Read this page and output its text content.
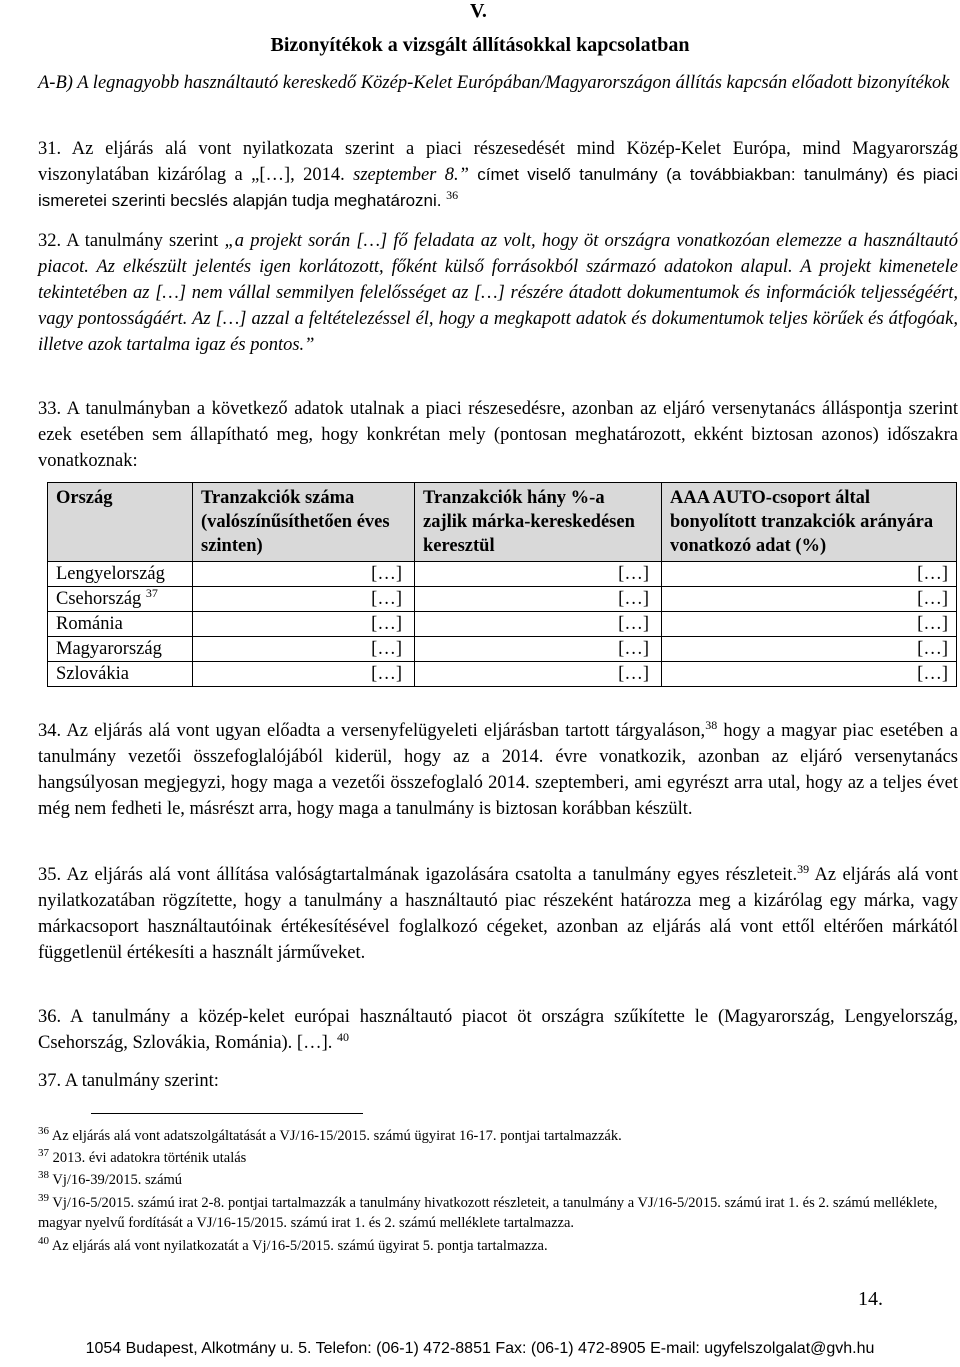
V.
Bizonyítékok a vizsgált állításokkal kapcsolatban
A-B) A legnagyobb használtautó kereskedő Közép-Kelet Európában/Magyarországon állítás kapcsán előadott bizonyítékok
31. Az eljárás alá vont nyilatkozata szerint a piaci részesedését mind Közép-Kelet Európa, mind Magyarország viszonylatában kizárólag a „[…], 2014. szeptember 8.” címet viselő tanulmány (a továbbiakban: tanulmány) és piaci ismeretei szerinti becslés alapján tudja meghatározni. $^{36}$
32. A tanulmány szerint „a projekt során […] fő feladata az volt, hogy öt országra vonatkozóan elemezze a használtautó piacot. Az elkészült jelentés igen korlátozott, főként külső forrásokból származó adatokon alapul. A projekt kimenetele tekintetében az […] nem vállal semmilyen felelősséget az […] részére átadott dokumentumok és információk teljességéért, vagy pontosságáért. Az […] azzal a feltételezéssel él, hogy a megkapott adatok és dokumentumok teljes körűek és átfogóak, illetve azok tartalma igaz és pontos.”
33. A tanulmányban a következő adatok utalnak a piaci részesedésre, azonban az eljáró versenytanács álláspontja szerint ezek esetében sem állapítható meg, hogy konkrétan mely (pontosan meghatározott, ekként biztosan azonos) időszakra vonatkoznak:
Ország	Tranzakciók száma (valószínűsíthetően éves szinten)	Tranzakciók hány %-a zajlik márka-kereskedésen keresztül	AAA AUTO-csoport által bonyolított tranzakciók arányára vonatkozó adat (%)
Lengyelország	[…]	[…]	[…]
Csehország $^{37}$	[…]	[…]	[…]
Románia	[…]	[…]	[…]
Magyarország	[…]	[…]	[…]
Szlovákia	[…]	[…]	[…]
34. Az eljárás alá vont ugyan előadta a versenyfelügyeleti eljárásban tartott tárgyaláson,$^{38}$ hogy a magyar piac esetében a tanulmány vezetői összefoglalójából kiderül, hogy az a 2014. évre vonatkozik, azonban az eljáró versenytanács hangsúlyosan megjegyzi, hogy maga a vezetői összefoglaló 2014. szeptemberi, ami egyrészt arra utal, hogy az a teljes évet még nem fedheti le, másrészt arra, hogy maga a tanulmány is biztosan korábban készült.
35. Az eljárás alá vont állítása valóságtartalmának igazolására csatolta a tanulmány egyes részleteit.$^{39}$ Az eljárás alá vont nyilatkozatában rögzítette, hogy a tanulmány a használtautó piac részeként határozza meg a kizárólag egy márka, vagy márkacsoport használtautóinak értékesítésével foglalkozó cégeket, azonban az eljárás alá vont ettől eltérően márkától függetlenül értékesíti a használt járműveket.
36. A tanulmány a közép-kelet európai használtautó piacot öt országra szűkítette le (Magyarország, Lengyelország, Csehország, Szlovákia, Románia). […]. $^{40}$
37. A tanulmány szerint:
$^{36}$ Az eljárás alá vont adatszolgáltatását a VJ/16-15/2015. számú ügyirat 16-17. pontjai tartalmazzák.
$^{37}$ 2013. évi adatokra történik utalás
$^{38}$ Vj/16-39/2015. számú
$^{39}$ Vj/16-5/2015. számú irat 2-8. pontjai tartalmazzák a tanulmány hivatkozott részleteit, a tanulmány a VJ/16-5/2015. számú irat 1. és 2. számú melléklete, magyar nyelvű fordítását a VJ/16-15/2015. számú irat 1. és 2. számú melléklete tartalmazza.
$^{40}$ Az eljárás alá vont nyilatkozatát a Vj/16-5/2015. számú ügyirat 5. pontja tartalmazza.
14.
1054 Budapest, Alkotmány u. 5. Telefon: (06-1) 472-8851 Fax: (06-1) 472-8905 E-mail: ugyfelszolgalat@gvh.hu
